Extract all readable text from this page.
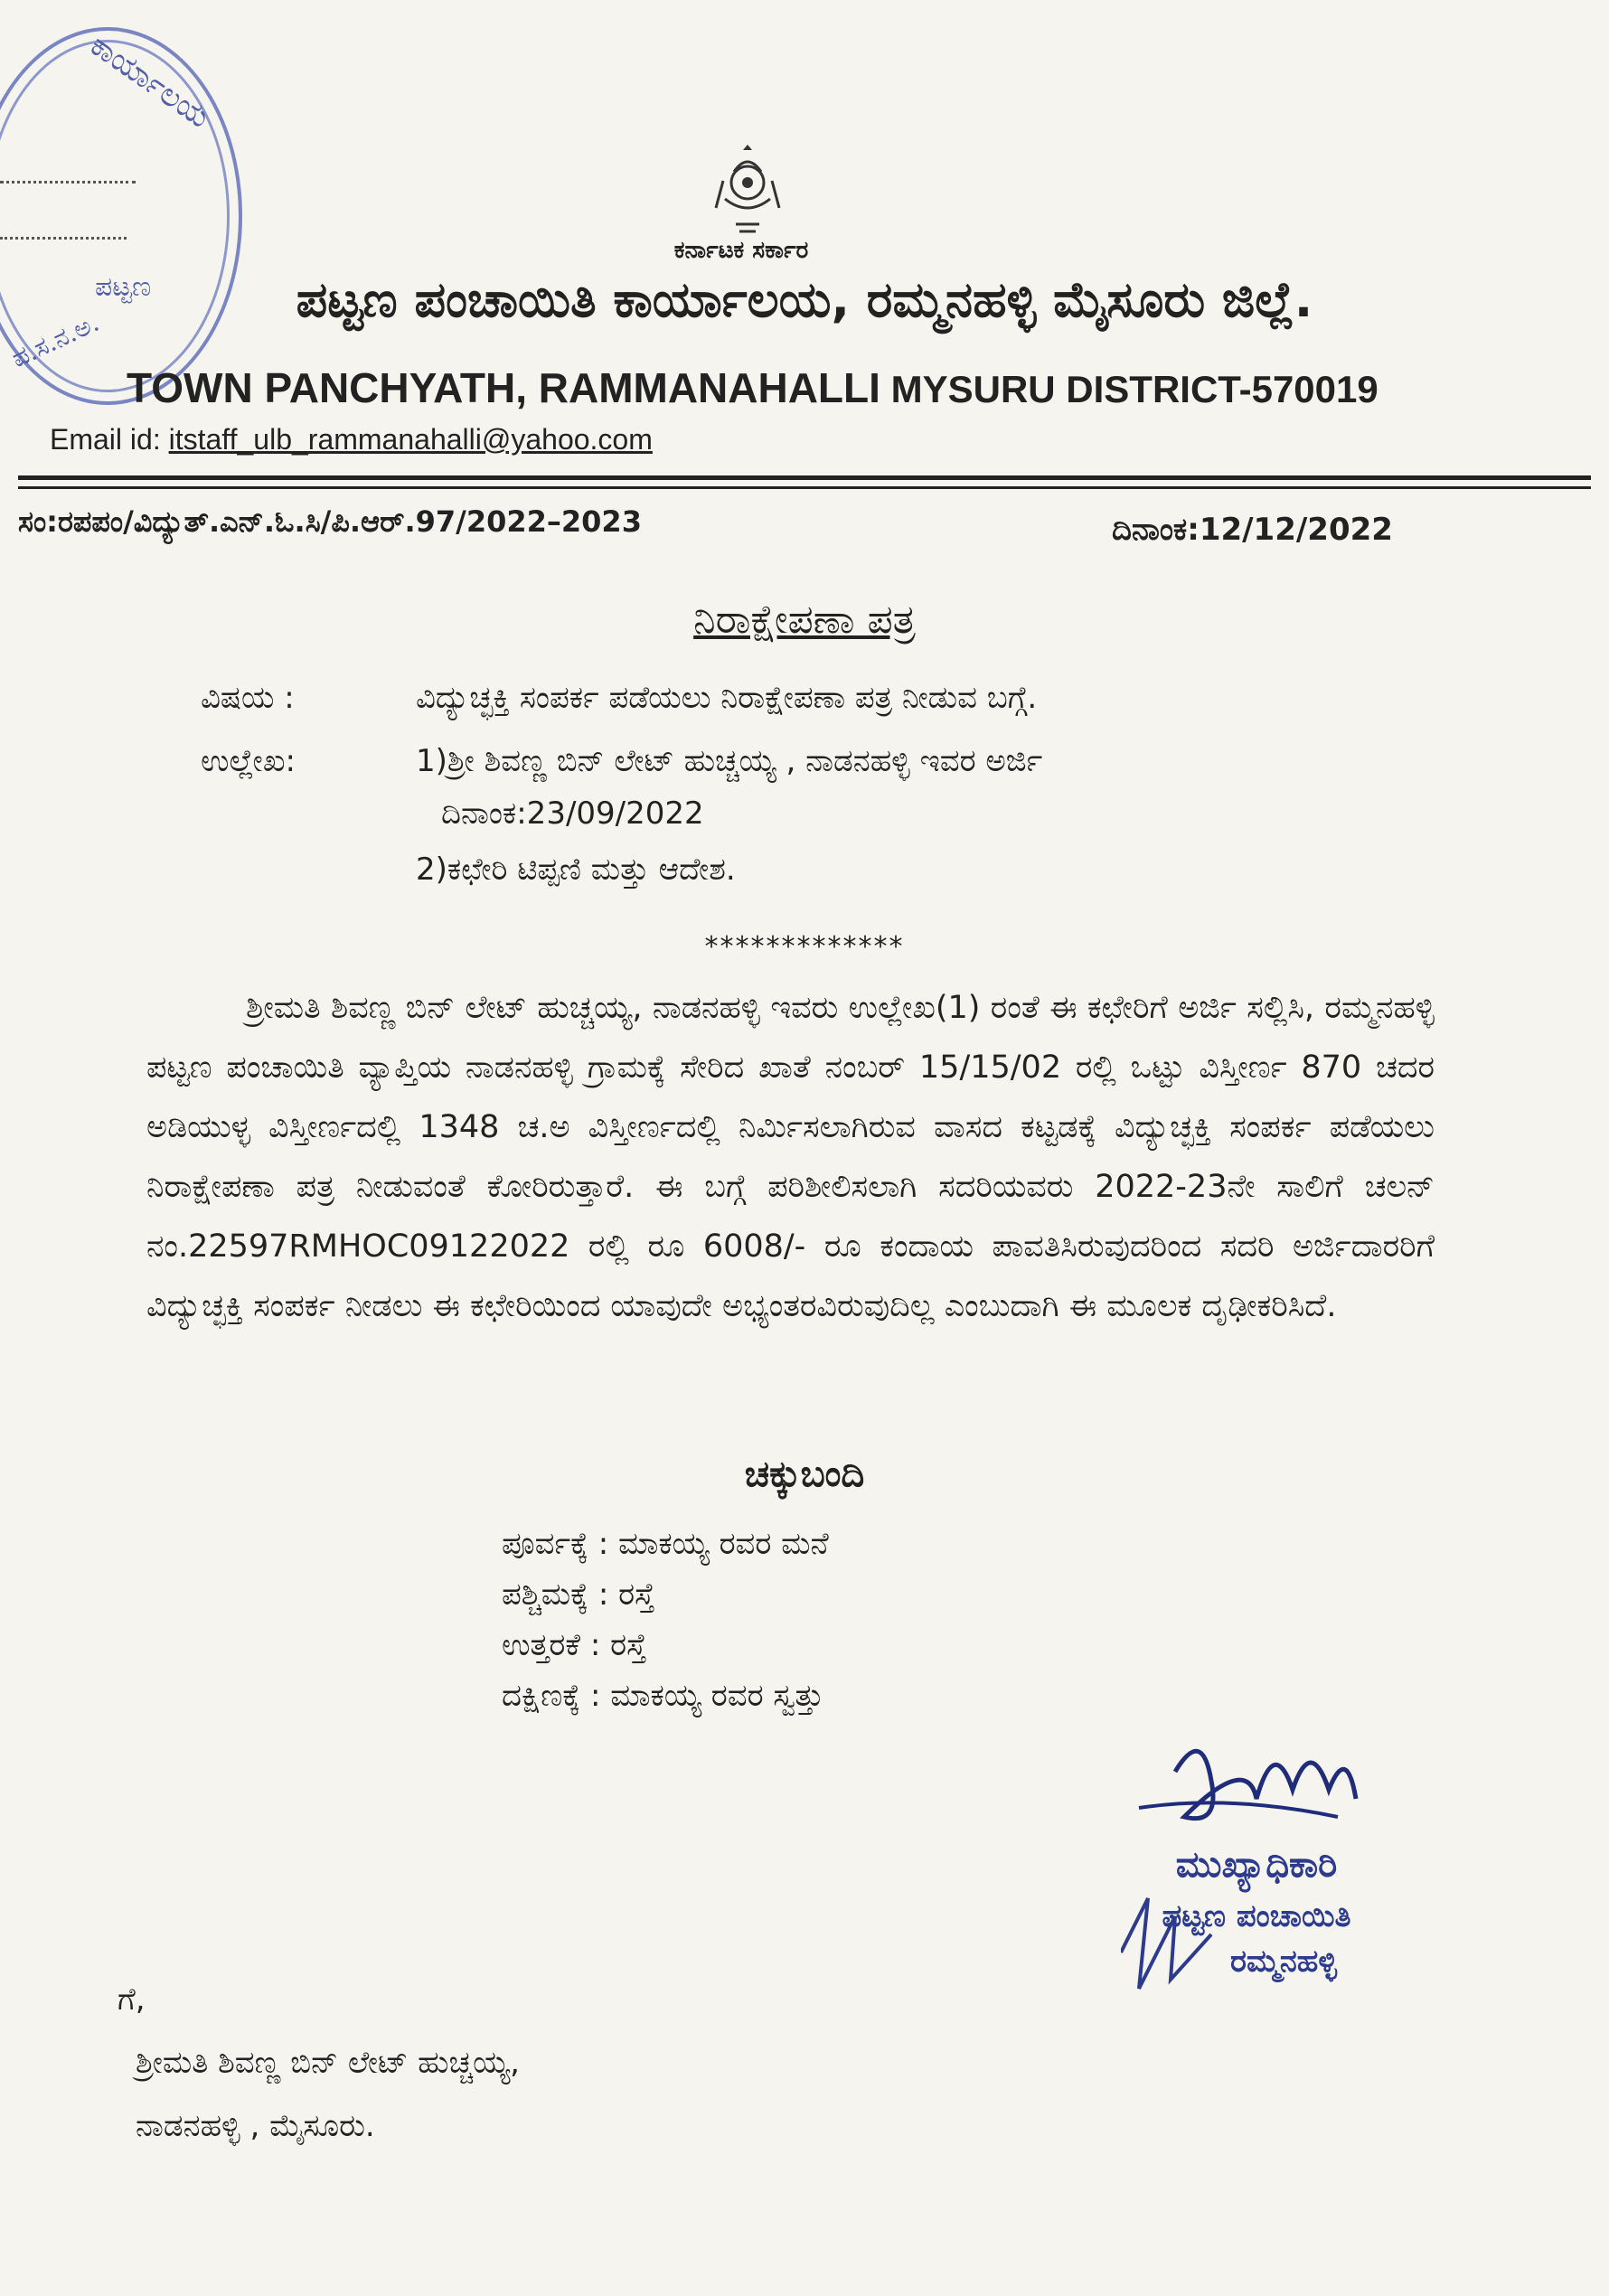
ಕಾರ್ಯಾಲಯ
ಪಟ್ಟಣ
ಪ.ಸ.ನ.ಅ.
ಕರ್ನಾಟಕ ಸರ್ಕಾರ
ಪಟ್ಟಣ ಪಂಚಾಯಿತಿ ಕಾರ್ಯಾಲಯ, ರಮ್ಮನಹಳ್ಳಿ ಮೈಸೂರು ಜಿಲ್ಲೆ.
TOWN PANCHYATH, RAMMANAHALLI MYSURU DISTRICT-570019
Email id: itstaff_ulb_rammanahalli@yahoo.com
ಸಂ:ರಪಪಂ/ವಿದ್ಯುತ್.ಎನ್.ಓ.ಸಿ/ಪಿ.ಆರ್.97/2022–2023	ದಿನಾಂಕ:12/12/2022
ನಿರಾಕ್ಷೇಪಣಾ ಪತ್ರ
ವಿಷಯ :	ವಿದ್ಯುಚ್ಛಕ್ತಿ ಸಂಪರ್ಕ ಪಡೆಯಲು ನಿರಾಕ್ಷೇಪಣಾ ಪತ್ರ ನೀಡುವ ಬಗ್ಗೆ.
ಉಲ್ಲೇಖ:	1)ಶ್ರೀ ಶಿವಣ್ಣ ಬಿನ್ ಲೇಟ್ ಹುಚ್ಚಯ್ಯ , ನಾಡನಹಳ್ಳಿ ಇವರ ಅರ್ಜಿ
ದಿನಾಂಕ:23/09/2022
2)ಕಛೇರಿ ಟಿಪ್ಪಣಿ ಮತ್ತು ಆದೇಶ.
*************
ಶ್ರೀಮತಿ ಶಿವಣ್ಣ ಬಿನ್ ಲೇಟ್ ಹುಚ್ಚಯ್ಯ, ನಾಡನಹಳ್ಳಿ ಇವರು ಉಲ್ಲೇಖ(1) ರಂತೆ ಈ ಕಛೇರಿಗೆ ಅರ್ಜಿ ಸಲ್ಲಿಸಿ, ರಮ್ಮನಹಳ್ಳಿ ಪಟ್ಟಣ ಪಂಚಾಯಿತಿ ವ್ಯಾಪ್ತಿಯ ನಾಡನಹಳ್ಳಿ ಗ್ರಾಮಕ್ಕೆ ಸೇರಿದ ಖಾತೆ ನಂಬರ್ 15/15/02 ರಲ್ಲಿ ಒಟ್ಟು ವಿಸ್ತೀರ್ಣ 870 ಚದರ ಅಡಿಯುಳ್ಳ ವಿಸ್ತೀರ್ಣದಲ್ಲಿ 1348 ಚ.ಅ ವಿಸ್ತೀರ್ಣದಲ್ಲಿ ನಿರ್ಮಿಸಲಾಗಿರುವ ವಾಸದ ಕಟ್ಟಡಕ್ಕೆ ವಿದ್ಯುಚ್ಛಕ್ತಿ ಸಂಪರ್ಕ ಪಡೆಯಲು ನಿರಾಕ್ಷೇಪಣಾ ಪತ್ರ ನೀಡುವಂತೆ ಕೋರಿರುತ್ತಾರೆ. ಈ ಬಗ್ಗೆ ಪರಿಶೀಲಿಸಲಾಗಿ ಸದರಿಯವರು 2022-23ನೇ ಸಾಲಿಗೆ ಚಲನ್ ನಂ.22597RMHOC09122022 ರಲ್ಲಿ ರೂ 6008/- ರೂ ಕಂದಾಯ ಪಾವತಿಸಿರುವುದರಿಂದ ಸದರಿ ಅರ್ಜಿದಾರರಿಗೆ ವಿದ್ಯುಚ್ಛಕ್ತಿ ಸಂಪರ್ಕ ನೀಡಲು ಈ ಕಛೇರಿಯಿಂದ ಯಾವುದೇ ಅಭ್ಯಂತರವಿರುವುದಿಲ್ಲ ಎಂಬುದಾಗಿ ಈ ಮೂಲಕ ದೃಢೀಕರಿಸಿದೆ.
ಚಕ್ಕುಬಂದಿ
ಪೂರ್ವಕ್ಕೆ : ಮಾಕಯ್ಯ ರವರ ಮನೆ
ಪಶ್ಚಿಮಕ್ಕೆ : ರಸ್ತೆ
ಉತ್ತರಕೆ : ರಸ್ತೆ
ದಕ್ಷಿಣಕ್ಕೆ : ಮಾಕಯ್ಯ ರವರ ಸ್ವತ್ತು
ಮುಖ್ಯಾಧಿಕಾರಿ
ಪಟ್ಟಣ ಪಂಚಾಯಿತಿ
ರಮ್ಮನಹಳ್ಳಿ
ಗೆ,
ಶ್ರೀಮತಿ ಶಿವಣ್ಣ ಬಿನ್ ಲೇಟ್ ಹುಚ್ಚಯ್ಯ,
ನಾಡನಹಳ್ಳಿ , ಮೈಸೂರು.
